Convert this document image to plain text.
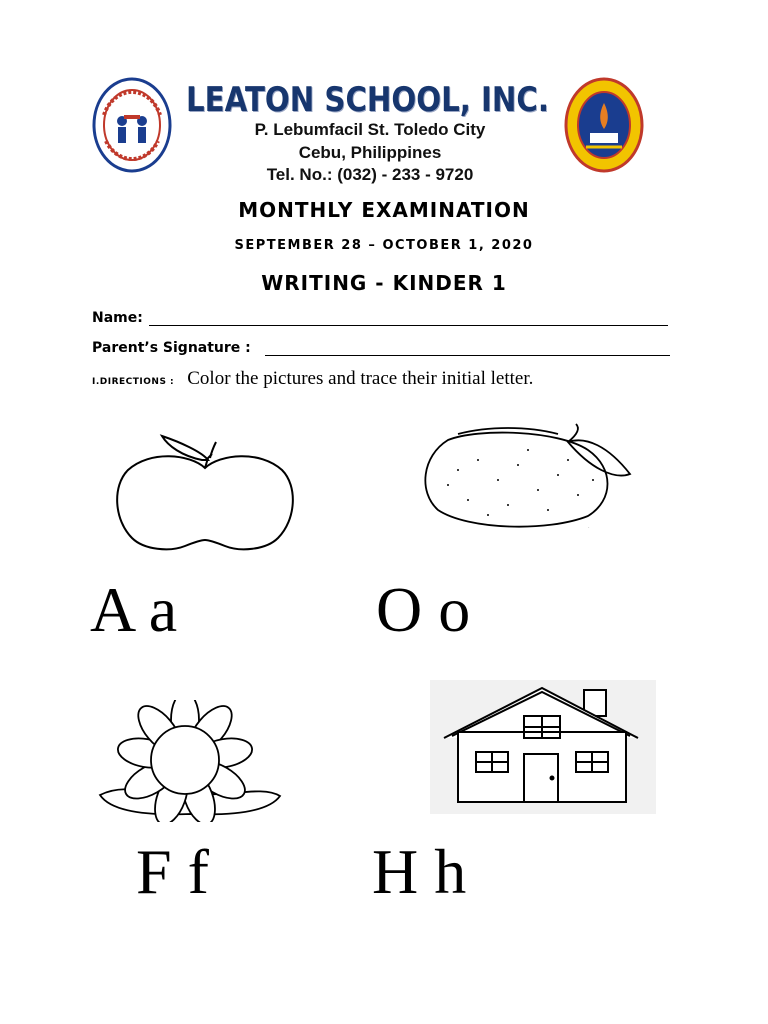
LEATON SCHOOL, INC.
P. Lebumfacil St. Toledo City
Cebu, Philippines
Tel. No.: (032) - 233 - 9720
MONTHLY EXAMINATION
SEPTEMBER 28 – OCTOBER 1, 2020
WRITING - KINDER 1
Name:
Parent’s Signature :
I.DIRECTIONS : Color the pictures and trace their initial letter.
A a
.
O o
F f	H h
